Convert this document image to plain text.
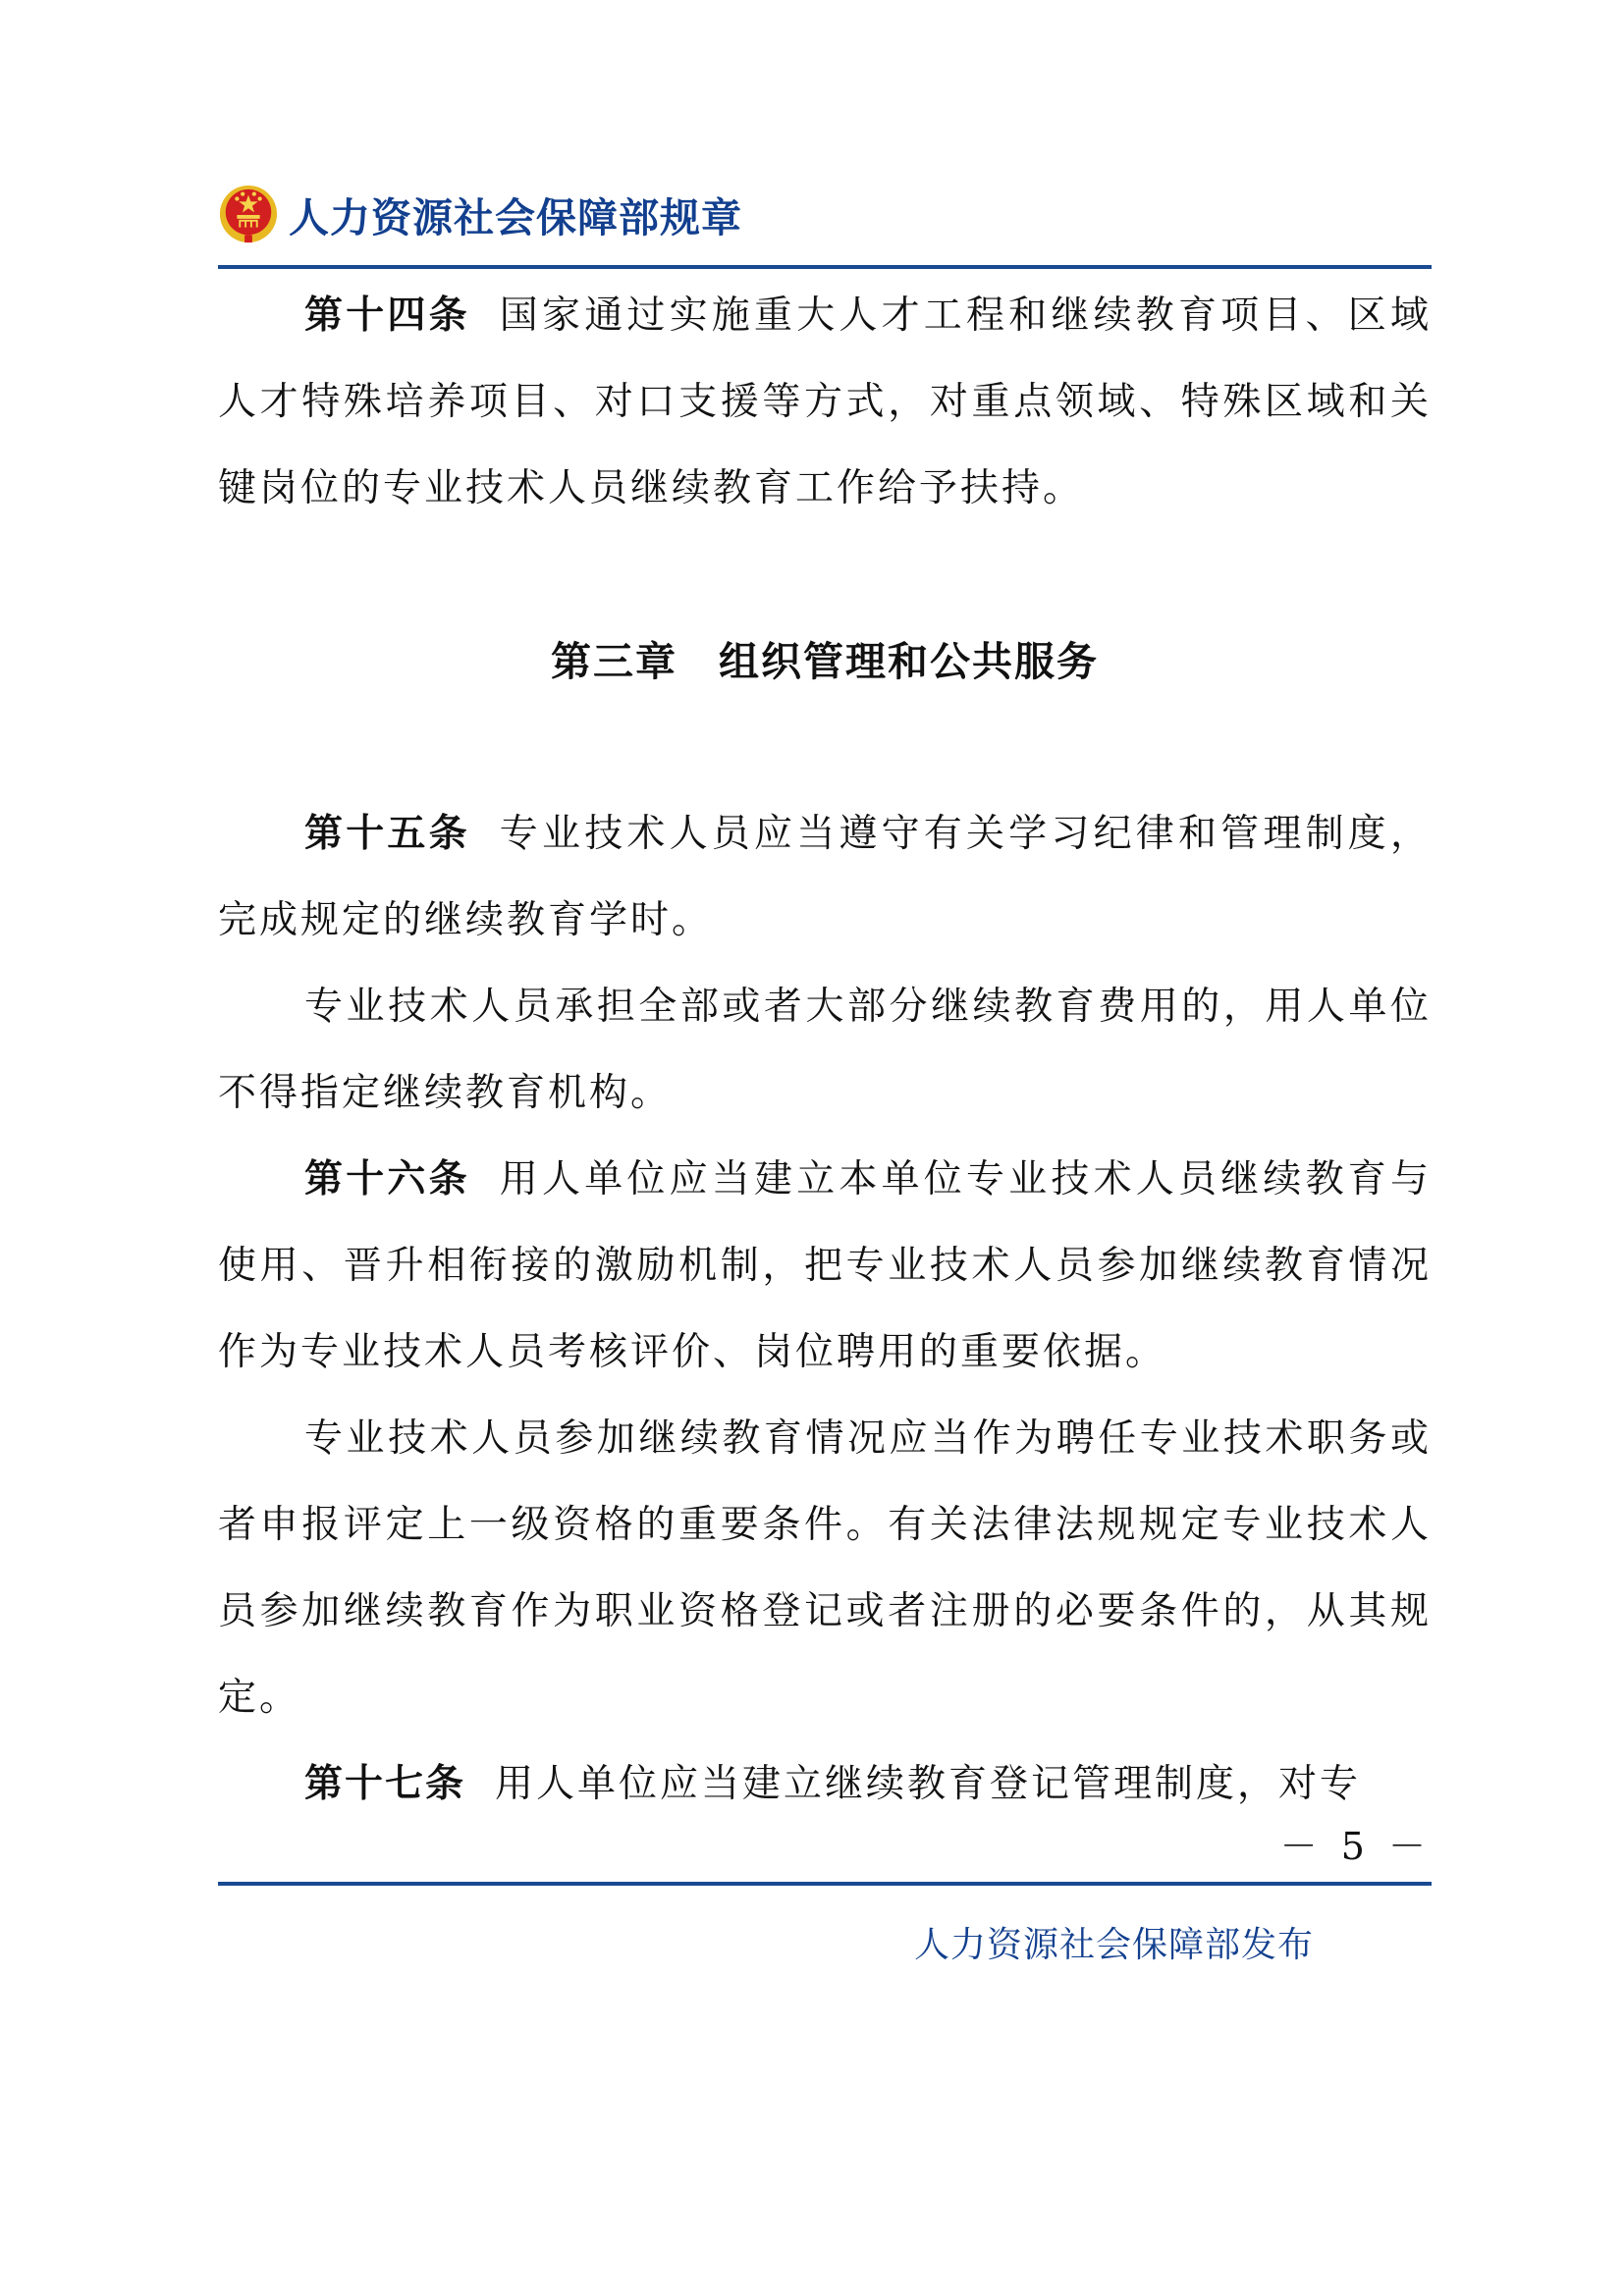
人力资源社会保障部规章

第十四条 国家通过实施重大人才工程和继续教育项目、区域人才特殊培养项目、对口支援等方式，对重点领域、特殊区域和关键岗位的专业技术人员继续教育工作给予扶持。

第三章 组织管理和公共服务

第十五条 专业技术人员应当遵守有关学习纪律和管理制度，完成规定的继续教育学时。

专业技术人员承担全部或者大部分继续教育费用的，用人单位不得指定继续教育机构。

第十六条 用人单位应当建立本单位专业技术人员继续教育与使用、晋升相衔接的激励机制，把专业技术人员参加继续教育情况作为专业技术人员考核评价、岗位聘用的重要依据。

专业技术人员参加继续教育情况应当作为聘任专业技术职务或者申报评定上一级资格的重要条件。有关法律法规规定专业技术人员参加继续教育作为职业资格登记或者注册的必要条件的，从其规定。

第十七条 用人单位应当建立继续教育登记管理制度，对专

－ 5 －
人力资源社会保障部发布
